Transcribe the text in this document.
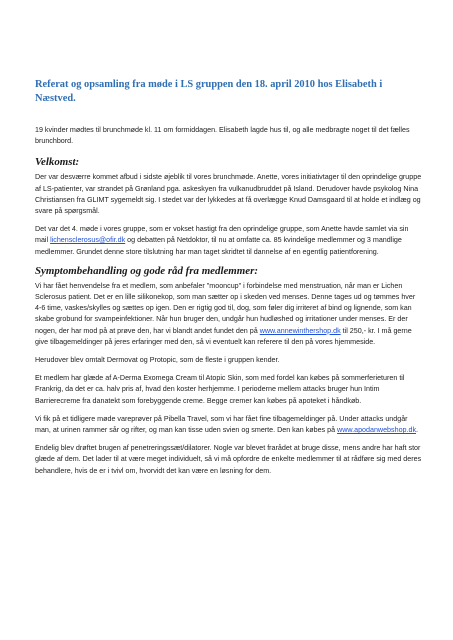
Referat og opsamling fra møde i LS gruppen den 18. april 2010 hos Elisabeth i Næstved.

19 kvinder mødtes til brunchmøde kl. 11 om formiddagen. Elisabeth lagde hus til, og alle medbragte noget til det fælles brunchbord.

Velkomst:

Der var desværre kommet afbud i sidste øjeblik til vores brunchmøde. Anette, vores initiativtager til den oprindelige gruppe af LS-patienter, var strandet på Grønland pga. askeskyen fra vulkanudbruddet på Island. Derudover havde psykolog Nina Christiansen fra GLIMT sygemeldt sig. I stedet var der lykkedes at få overlægge Knud Damsgaard til at holde et indlæg og svare på spørgsmål.

Det var det 4. møde i vores gruppe, som er vokset hastigt fra den oprindelige gruppe, som Anette havde samlet via sin mail lichensclerosus@ofir.dk og debatten på Netdoktor, til nu at omfatte ca. 85 kvindelige medlemmer og 3 mandlige medlemmer. Grundet denne store tilslutning har man taget skridtet til dannelse af en egentlig patientforening.

Symptombehandling og gode råd fra medlemmer:

Vi har fået henvendelse fra et medlem, som anbefaler "mooncup" i forbindelse med menstruation, når man er Lichen Sclerosus patient. Det er en lille silikonekop, som man sætter op i skeden ved menses. Denne tages ud og tømmes hver 4-6 time, vaskes/skylles og sættes op igen. Den er rigtig god til, dog, som føler dig irriteret af bind og lignende, som kan skabe grobund for svampeinfektioner. Når hun bruger den, undgår hun hudløshed og irritationer under menses. Er der nogen, der har mod på at prøve den, har vi blandt andet fundet den på www.annewinthershop.dk til 250,- kr. I må gerne give tilbagemeldinger på jeres erfaringer med den, så vi eventuelt kan referere til den på vores hjemmeside.

Herudover blev omtalt Dermovat og Protopic, som de fleste i gruppen kender.

Et medlem har glæde af A-Derma Exomega Cream til Atopic Skin, som med fordel kan købes på sommerferieturen til Frankrig, da det er ca. halv pris af, hvad den koster herhjemme. I perioderne mellem attacks bruger hun Intim Barrierecreme fra danatekt som forebyggende creme. Begge cremer kan købes på apoteket i håndkøb.

Vi fik på et tidligere møde vareprøver på Pibella Travel, som vi har fået fine tilbagemeldinger på. Under attacks undgår man, at urinen rammer sår og rifter, og man kan tisse uden svien og smerte. Den kan købes på www.apodanwebshop.dk.

Endelig blev drøftet brugen af penetreringssæt/dilatorer. Nogle var blevet frarådet at bruge disse, mens andre har haft stor glæde af dem. Det lader til at være meget individuelt, så vi må opfordre de enkelte medlemmer til at rådføre sig med deres behandlere, hvis de er i tvivl om, hvorvidt det kan være en løsning for dem.
